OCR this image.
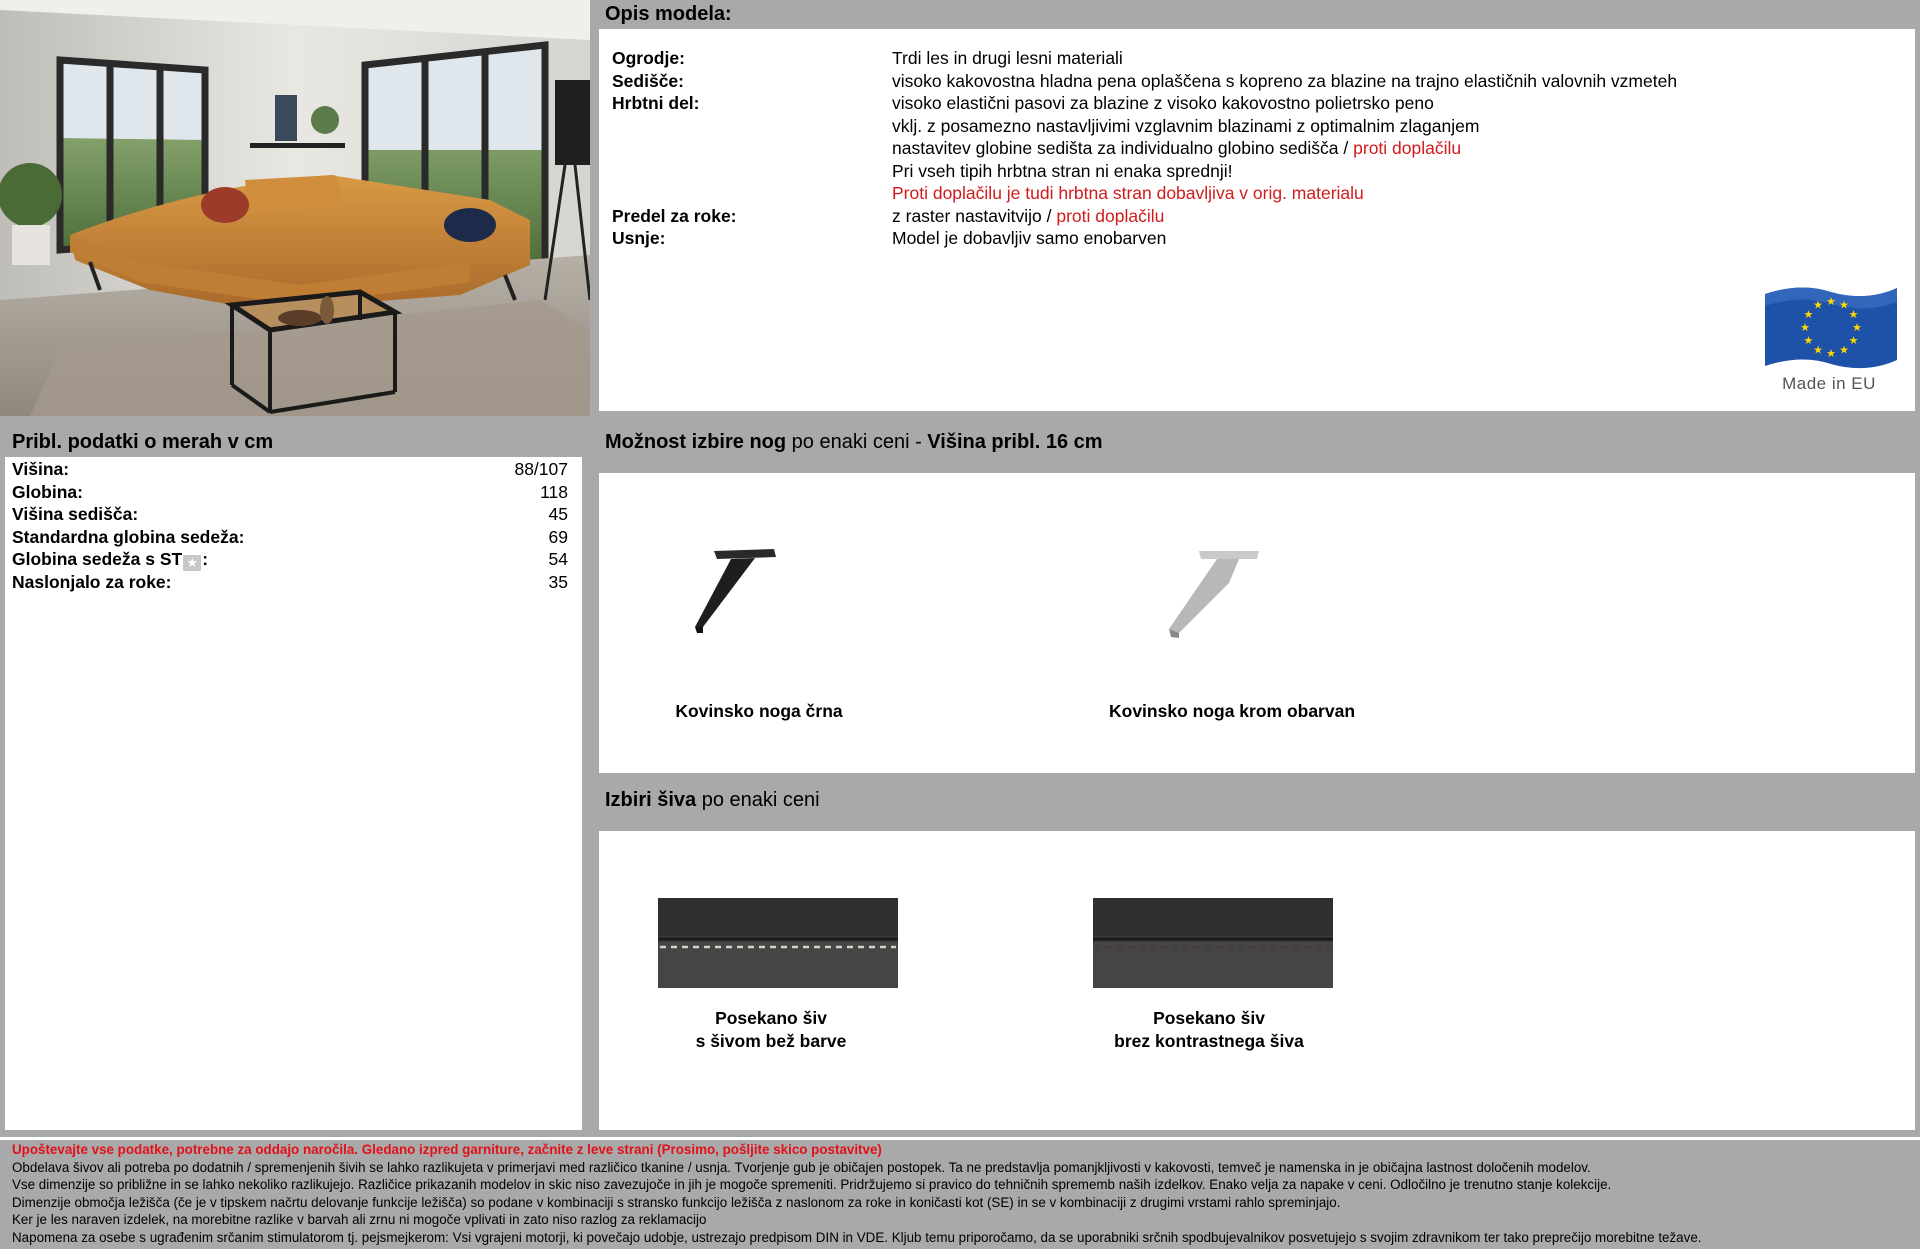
Opis modela:
Ogrodje:	Trdi les in drugi lesni materiali
Sedišče:	visoko kakovostna hladna pena oplaščena s kopreno za blazine na trajno elastičnih valovnih vzmeteh
Hrbtni del:	visoko elastični pasovi za blazine z visoko kakovostno polietrsko peno
vklj. z posamezno nastavljivimi vzglavnim blazinami z optimalnim zlaganjem
nastavitev globine sedišta za individualno globino sedišča / proti doplačilu
Pri vseh tipih hrbtna stran ni enaka sprednji!
Proti doplačilu je tudi hrbtna stran dobavljiva v orig. materialu
Predel za roke:	z raster nastavitvijo / proti doplačilu
Usnje:	Model je dobavljiv samo enobarven
★
★
★
★
★
★
★
★
★ ★ ★
★
Made in EU
Pribl. podatki o merah v cm
Višina:	88/107
Globina:	118
Višina sedišča:	45
Standardna globina sedeža:	69
Globina sedeža s ST ★ :	54
Naslonjalo za roke:	35
Možnost izbire nog po enaki ceni - Višina pribl. 16 cm
Kovinsko noga črna	Kovinsko noga krom obarvan
Izbiri šiva po enaki ceni
Posekano šiv
s šivom bež barve
Posekano šiv
brez kontrastnega šiva
Upoštevajte vse podatke, potrebne za oddajo naročila. Gledano izpred garniture, začnite z leve strani (Prosimo, pošljite skico postavitve)
Obdelava šivov ali potreba po dodatnih / spremenjenih šivih se lahko razlikujeta v primerjavi med različico tkanine / usnja. Tvorjenje gub je običajen postopek. Ta ne predstavlja pomanjkljivosti v kakovosti, temveč je namenska in je običajna lastnost določenih modelov.
Vse dimenzije so približne in se lahko nekoliko razlikujejo. Različice prikazanih modelov in skic niso zavezujoče in jih je mogoče spremeniti. Pridržujemo si pravico do tehničnih sprememb naših izdelkov. Enako velja za napake v ceni. Odločilno je trenutno stanje kolekcije.
Dimenzije območja ležišča (če je v tipskem načrtu delovanje funkcije ležišča) so podane v kombinaciji s stransko funkcijo ležišča z naslonom za roke in koničasti kot (SE) in se v kombinaciji z drugimi vrstami rahlo spreminjajo.
Ker je les naraven izdelek, na morebitne razlike v barvah ali zrnu ni mogoče vplivati in zato niso razlog za reklamacijo
Napomena za osebe s ugrađenim srčanim stimulatorom tj. pejsmejkerom: Vsi vgrajeni motorji, ki povečajo udobje, ustrezajo predpisom DIN in VDE. Kljub temu priporočamo, da se uporabniki srčnih spodbujevalnikov posvetujejo s svojim zdravnikom ter tako preprečijo morebitne težave.
